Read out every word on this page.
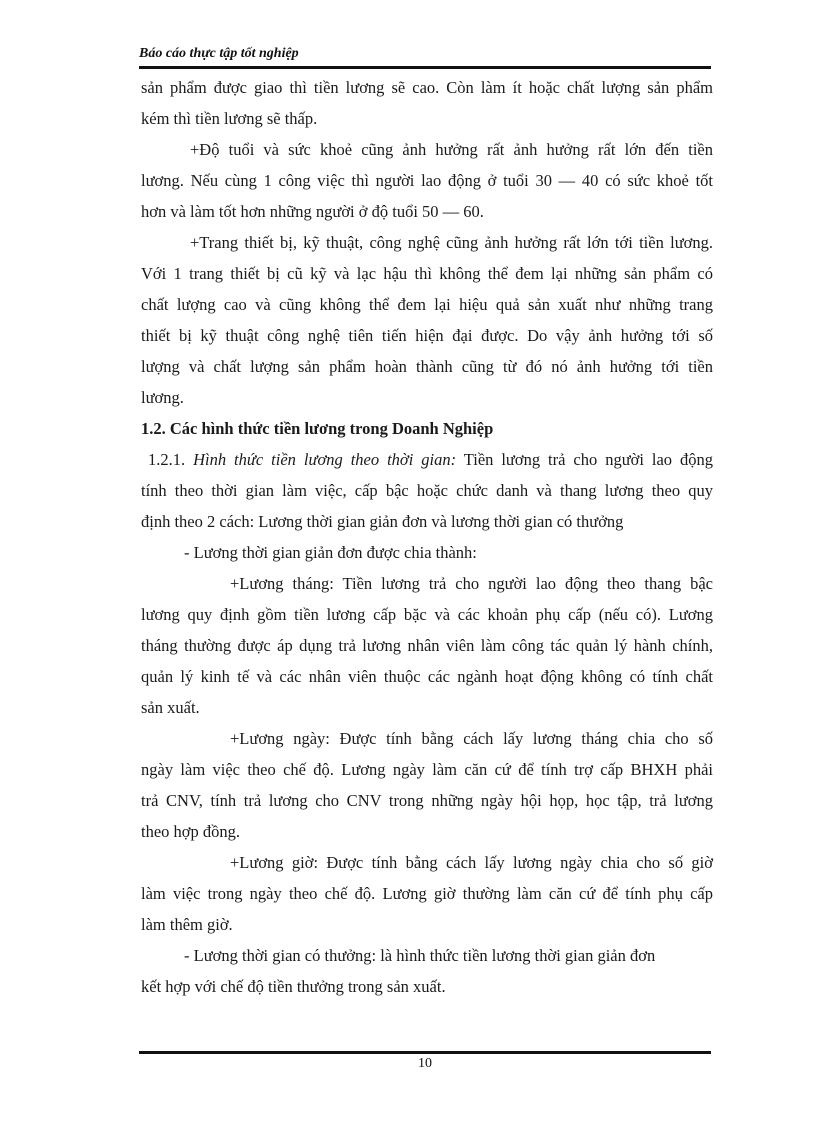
Báo cáo thực tập tốt nghiệp

sản phẩm được giao thì tiền lương sẽ cao. Còn làm ít hoặc chất lượng sản phẩm
kém thì tiền lương sẽ thấp.

+Độ tuổi và sức khoẻ cũng ảnh hưởng rất ảnh hưởng rất lớn đến tiền
lương. Nếu cùng 1 công việc thì người lao động ở tuổi 30 — 40 có sức khoẻ tốt
hơn và làm tốt hơn những người ở độ tuổi 50 — 60.

+Trang thiết bị, kỹ thuật, công nghệ cũng ảnh hưởng rất lớn tới tiền lương.
Với 1 trang thiết bị cũ kỹ và lạc hậu thì không thể đem lại những sản phẩm có
chất lượng cao và cũng không thể đem lại hiệu quả sản xuất như những trang
thiết bị kỹ thuật công nghệ tiên tiến hiện đại được. Do vậy ảnh hưởng tới số
lượng và chất lượng sản phẩm hoàn thành cũng từ đó nó ảnh hưởng tới tiền
lương.

1.2. Các hình thức tiền lương trong Doanh Nghiệp

1.2.1. Hình thức tiền lương theo thời gian: Tiền lương trả cho người lao động
tính theo thời gian làm việc, cấp bậc hoặc chức danh và thang lương theo quy
định theo 2 cách: Lương thời gian giản đơn và lương thời gian có thưởng

- Lương thời gian giản đơn được chia thành:

+Lương tháng: Tiền lương trả cho người lao động theo thang bậc
lương quy định gồm tiền lương cấp bặc và các khoản phụ cấp (nếu có). Lương
tháng thường được áp dụng trả lương nhân viên làm công tác quản lý hành chính,
quản lý kinh tế và các nhân viên thuộc các ngành hoạt động không có tính chất
sản xuất.

+Lương ngày: Được tính bằng cách lấy lương tháng chia cho số
ngày làm việc theo chế độ. Lương ngày làm căn cứ để tính trợ cấp BHXH phải
trả CNV, tính trả lương cho CNV trong những ngày hội họp, học tập, trả lương
theo hợp đồng.

+Lương giờ: Được tính bằng cách lấy lương ngày chia cho số giờ
làm việc trong ngày theo chế độ. Lương giờ thường làm căn cứ để tính phụ cấp
làm thêm giờ.

- Lương thời gian có thưởng: là hình thức tiền lương thời gian giản đơn
kết hợp với chế độ tiền thưởng trong sản xuất.

10
